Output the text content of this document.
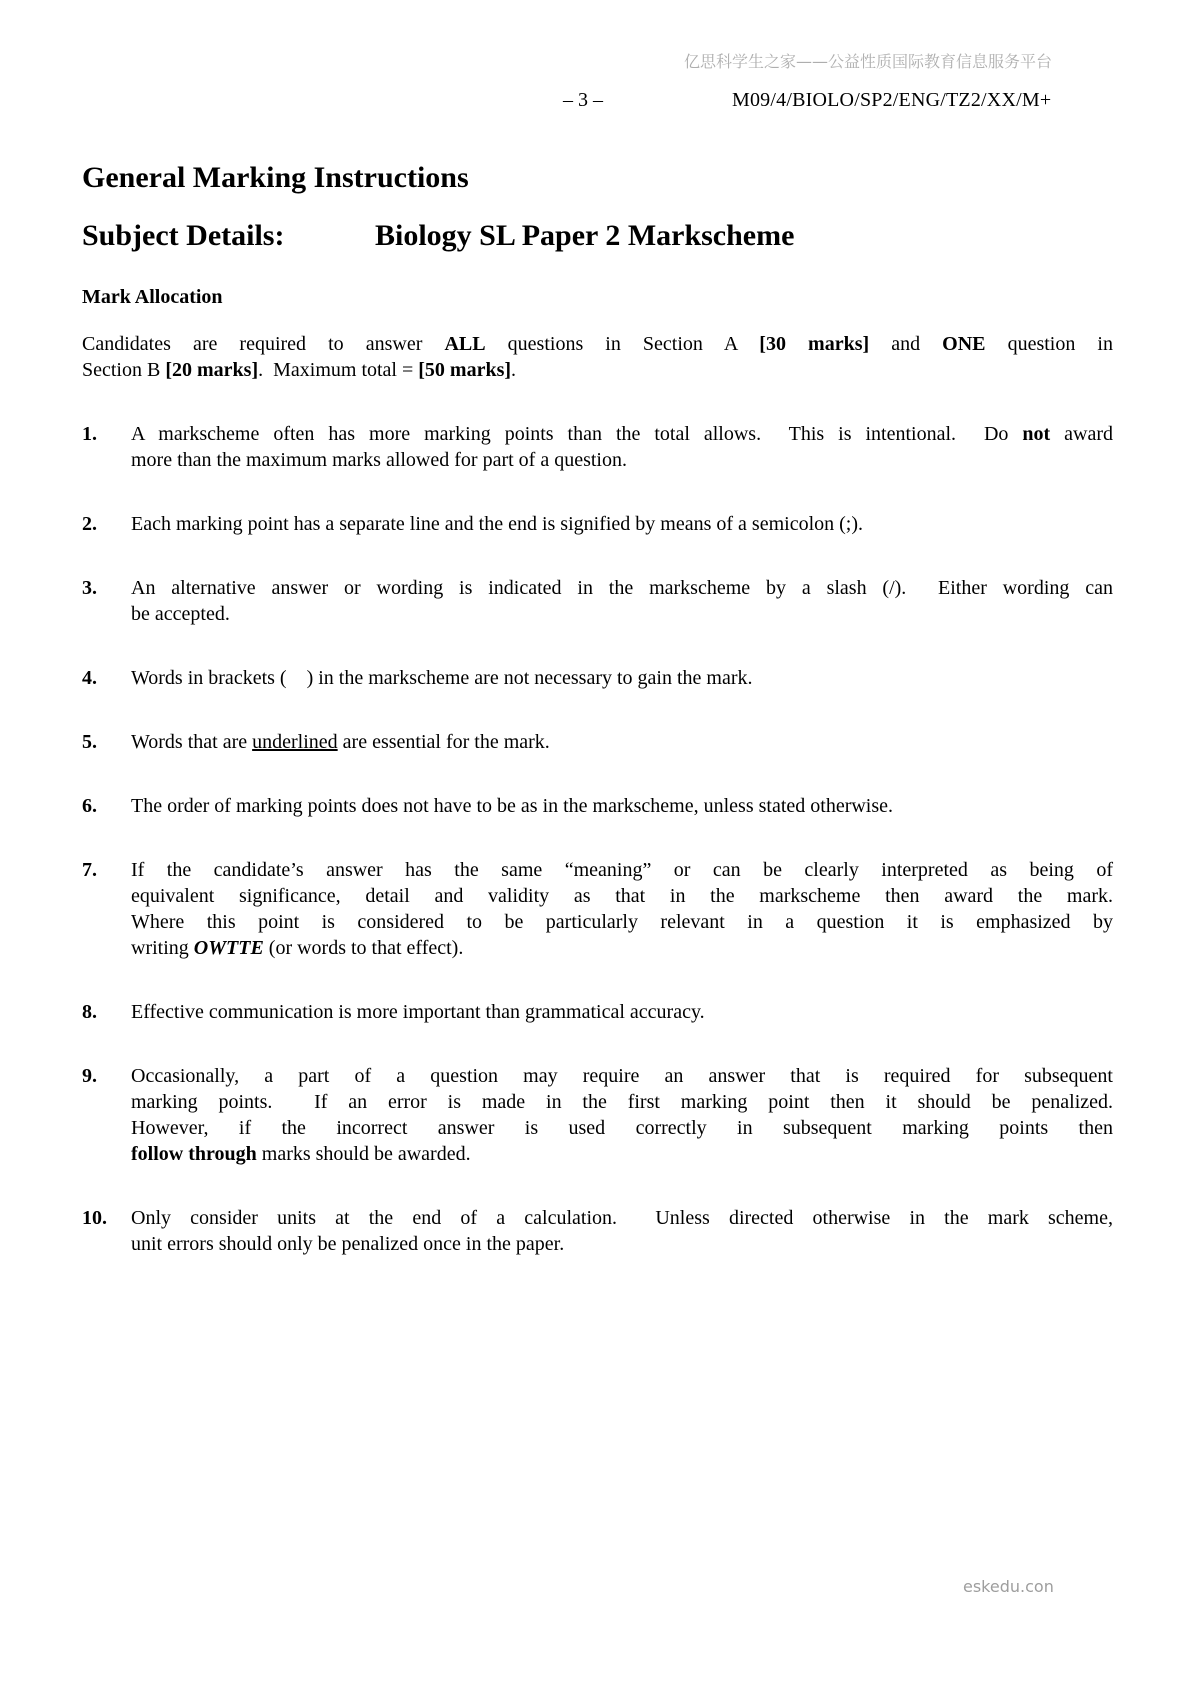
亿思科学生之家——公益性质国际教育信息服务平台
– 3 –	M09/4/BIOLO/SP2/ENG/TZ2/XX/M+
General Marking Instructions
Subject Details:	Biology SL Paper 2 Markscheme
Mark Allocation
Candidates are required to answer ALL questions in Section A [30 marks] and ONE question in
Section B [20 marks].  Maximum total = [50 marks].
1. A markscheme often has more marking points than the total allows.  This is intentional.  Do not award
more than the maximum marks allowed for part of a question.
2. Each marking point has a separate line and the end is signified by means of a semicolon (;).
3. An alternative answer or wording is indicated in the markscheme by a slash (/).  Either wording can
be accepted.
4. Words in brackets ( ) in the markscheme are not necessary to gain the mark.
5. Words that are underlined are essential for the mark.
6. The order of marking points does not have to be as in the markscheme, unless stated otherwise.
7. If the candidate’s answer has the same “meaning” or can be clearly interpreted as being of
equivalent significance, detail and validity as that in the markscheme then award the mark.
Where this point is considered to be particularly relevant in a question it is emphasized by
writing OWTTE (or words to that effect).
8. Effective communication is more important than grammatical accuracy.
9. Occasionally, a part of a question may require an answer that is required for subsequent
marking points.  If an error is made in the first marking point then it should be penalized.
However, if the incorrect answer is used correctly in subsequent marking points then
follow through marks should be awarded.
10. Only consider units at the end of a calculation.  Unless directed otherwise in the mark scheme,
unit errors should only be penalized once in the paper.
eskedu.con
